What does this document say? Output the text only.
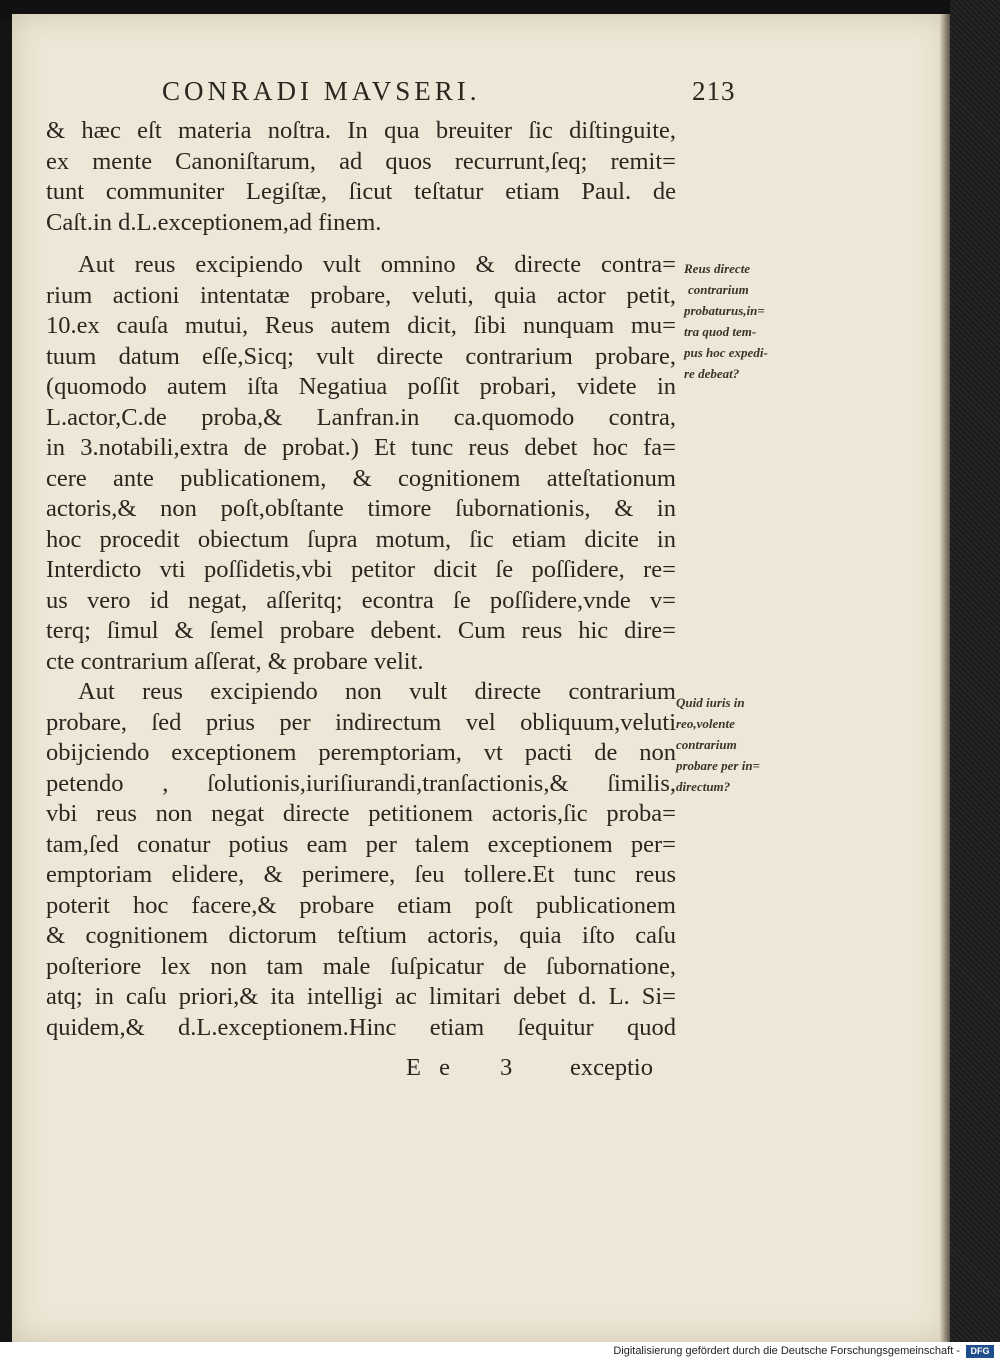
CONRADI MAVSERI.	213
& hæc eſt materia noſtra. In qua breuiter ſic diſtinguite,
ex mente Canoniſtarum, ad quos recurrunt,ſeq; remit=
tunt communiter Legiſtæ, ſicut teſtatur etiam Paul. de
Caſt.in d.L.exceptionem,ad finem.
Aut reus excipiendo vult omnino & directe contra=
rium actioni intentatæ probare, veluti, quia actor petit,
10.ex cauſa mutui, Reus autem dicit, ſibi nunquam mu=
tuum datum eſſe,Sicq; vult directe contrarium probare,
(quomodo autem iſta Negatiua poſſit probari, videte in
L.actor,C.de proba,& Lanfran.in ca.quomodo contra,
in 3.notabili,extra de probat.) Et tunc reus debet hoc fa=
cere ante publicationem, & cognitionem atteſtationum
actoris,& non poſt,obſtante timore ſubornationis, & in
hoc procedit obiectum ſupra motum, ſic etiam dicite in
Interdicto vti poſſidetis,vbi petitor dicit ſe poſſidere, re=
us vero id negat, aſſeritq; econtra ſe poſſidere,vnde v=
terq; ſimul & ſemel probare debent. Cum reus hic dire=
cte contrarium aſſerat, & probare velit.
Aut reus excipiendo non vult directe contrarium
probare, ſed prius per indirectum vel obliquum,veluti
obijciendo exceptionem peremptoriam, vt pacti de non
petendo , ſolutionis,iuriſiurandi,tranſactionis,& ſimilis,
vbi reus non negat directe petitionem actoris,ſic proba=
tam,ſed conatur potius eam per talem exceptionem per=
emptoriam elidere, & perimere, ſeu tollere.Et tunc reus
poterit hoc facere,& probare etiam poſt publicationem
& cognitionem dictorum teſtium actoris, quia iſto caſu
poſteriore lex non tam male ſuſpicatur de ſubornatione,
atq; in caſu priori,& ita intelligi ac limitari debet d. L. Si=
quidem,& d.L.exceptionem.Hinc etiam ſequitur quod
E e 3 exceptio
Reus directe
contrarium
probaturus,in=
tra quod tem-
pus hoc expedi-
re debeat?
Quid iuris in
reo,volente
contrarium
probare per in=
directum?
Digitalisierung gefördert durch die Deutsche Forschungsgemeinschaft -	DFG
